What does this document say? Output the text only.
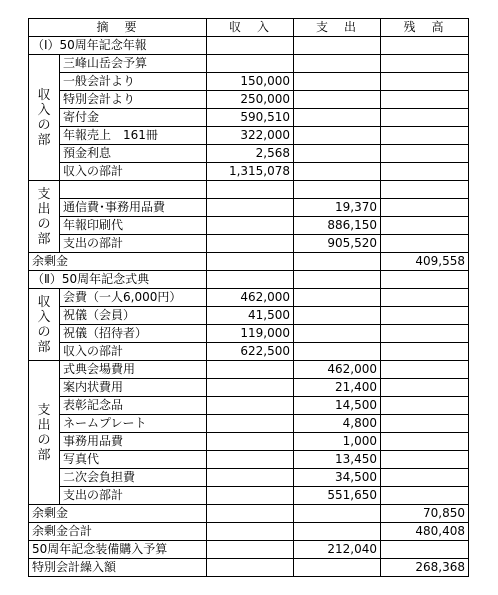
摘　要		収　入	支　出	残　高
（Ⅰ）50周年記念年報				

収
入
の
部	三峰山岳会予算			
	一般会計より	150,000		
	特別会計より	250,000		
	寄付金	590,510		
	年報売上　161冊	322,000		
	預金利息	2,568		
	収入の部計	1,315,078		

支
出
の
部				

	通信費･事務用品費		19,370	
	年報印刷代		886,150	
	支出の部計		905,520	
余剰金				409,558
（Ⅱ）50周年記念式典				

収
入
の
部	会費（一人6,000円）	462,000		
	祝儀（会員）	41,500		
	祝儀（招待者）	119,000		
	収入の部計	622,500		

支
出
の
部	式典会場費用		462,000	
	案内状費用		21,400	
	表彰記念品		14,500	
	ネームプレート		4,800	
	事務用品費		1,000	
	写真代		13,450	
	二次会負担費		34,500	
	支出の部計		551,650	
余剰金				70,850
余剰金合計				480,408
50周年記念装備購入予算			212,040	
特別会計繰入額				268,368
